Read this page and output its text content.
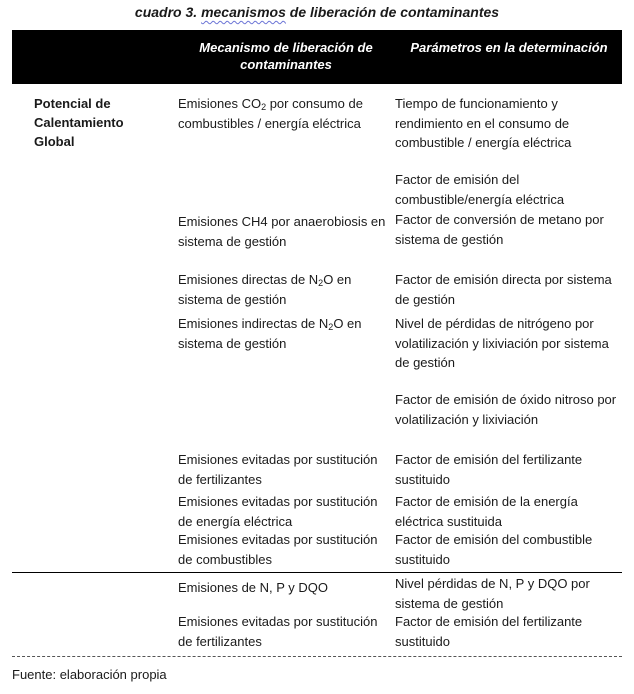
cuadro 3. mecanismos de liberación de contaminantes
Mecanismo de liberación de contaminantes
Parámetros en la determinación
Potencial de Calentamiento Global
Emisiones $CO_2$ por consumo de combustibles / energía eléctrica
Tiempo de funcionamiento y rendimiento en el consumo de combustible / energía eléctrica
Factor de emisión del combustible/energía eléctrica
Emisiones CH4 por anaerobiosis en sistema de gestión
Factor de conversión de metano por sistema de gestión
Emisiones directas de $N_2O$ en sistema de gestión
Factor de emisión directa por sistema de gestión
Emisiones indirectas de $N_2O$ en sistema de gestión
Nivel de pérdidas de nitrógeno por volatilización y lixiviación por sistema de gestión
Factor de emisión de óxido nitroso por volatilización y lixiviación
Emisiones evitadas por sustitución de fertilizantes
Factor de emisión del fertilizante sustituido
Emisiones evitadas por sustitución de energía eléctrica
Factor de emisión de la energía eléctrica sustituida
Emisiones evitadas por sustitución de combustibles
Factor de emisión del combustible sustituido
Emisiones de N, P y DQO	Nivel pérdidas de N, P y DQO por sistema de gestión
Emisiones evitadas por sustitución de fertilizantes
Factor de emisión del fertilizante sustituido
Fuente: elaboración propia
